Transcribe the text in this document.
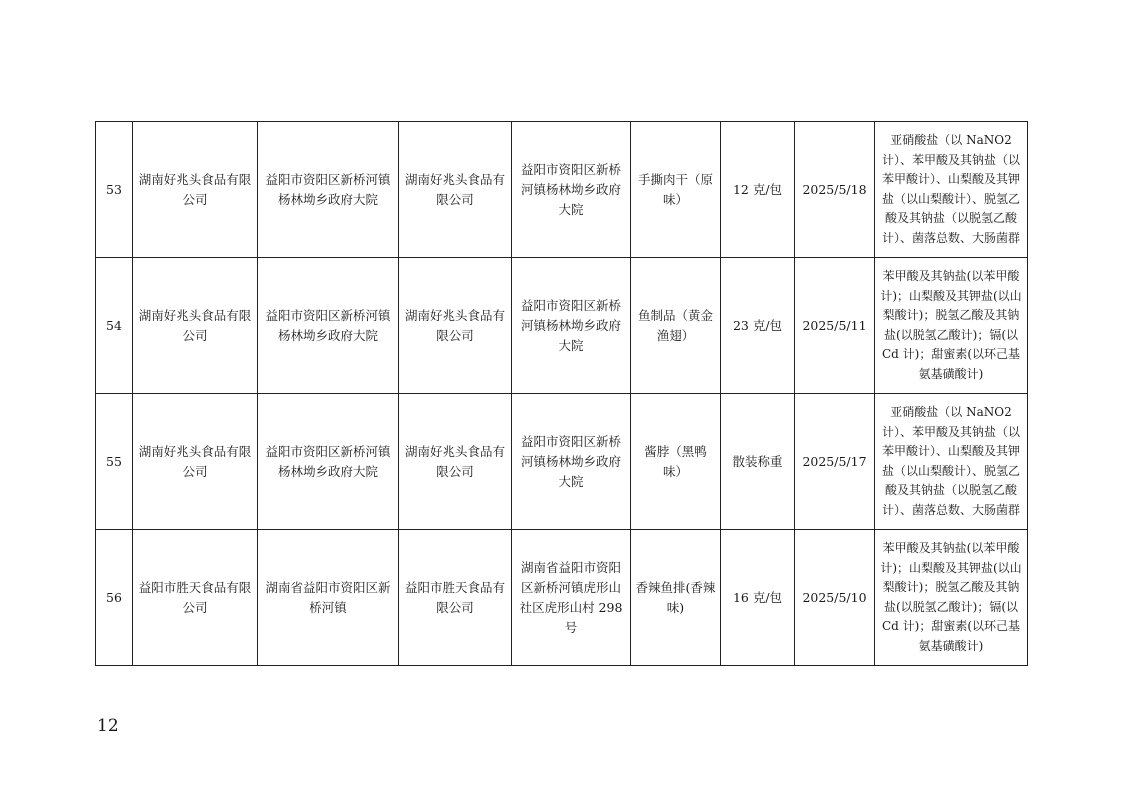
53	湖南好兆头食品有限公司	益阳市资阳区新桥河镇杨林坳乡政府大院	湖南好兆头食品有限公司	益阳市资阳区新桥河镇杨林坳乡政府大院	手撕肉干（原味）	12 克/包	2025/5/18	亚硝酸盐（以 NaNO2 计）、苯甲酸及其钠盐（以苯甲酸计）、山梨酸及其钾盐（以山梨酸计）、脱氢乙酸及其钠盐（以脱氢乙酸计）、菌落总数、大肠菌群
54	湖南好兆头食品有限公司	益阳市资阳区新桥河镇杨林坳乡政府大院	湖南好兆头食品有限公司	益阳市资阳区新桥河镇杨林坳乡政府大院	鱼制品（黄金渔翅）	23 克/包	2025/5/11	苯甲酸及其钠盐(以苯甲酸计)；山梨酸及其钾盐(以山梨酸计)；脱氢乙酸及其钠盐(以脱氢乙酸计)；镉(以 Cd 计)；甜蜜素(以环己基氨基磺酸计)
55	湖南好兆头食品有限公司	益阳市资阳区新桥河镇杨林坳乡政府大院	湖南好兆头食品有限公司	益阳市资阳区新桥河镇杨林坳乡政府大院	酱脖（黑鸭味）	散装称重	2025/5/17	亚硝酸盐（以 NaNO2 计）、苯甲酸及其钠盐（以苯甲酸计）、山梨酸及其钾盐（以山梨酸计）、脱氢乙酸及其钠盐（以脱氢乙酸计）、菌落总数、大肠菌群
56	益阳市胜天食品有限公司	湖南省益阳市资阳区新桥河镇	益阳市胜天食品有限公司	湖南省益阳市资阳区新桥河镇虎形山社区虎形山村 298 号	香辣鱼排(香辣味)	16 克/包	2025/5/10	苯甲酸及其钠盐(以苯甲酸计)；山梨酸及其钾盐(以山梨酸计)；脱氢乙酸及其钠盐(以脱氢乙酸计)；镉(以 Cd 计)；甜蜜素(以环己基氨基磺酸计)
12
